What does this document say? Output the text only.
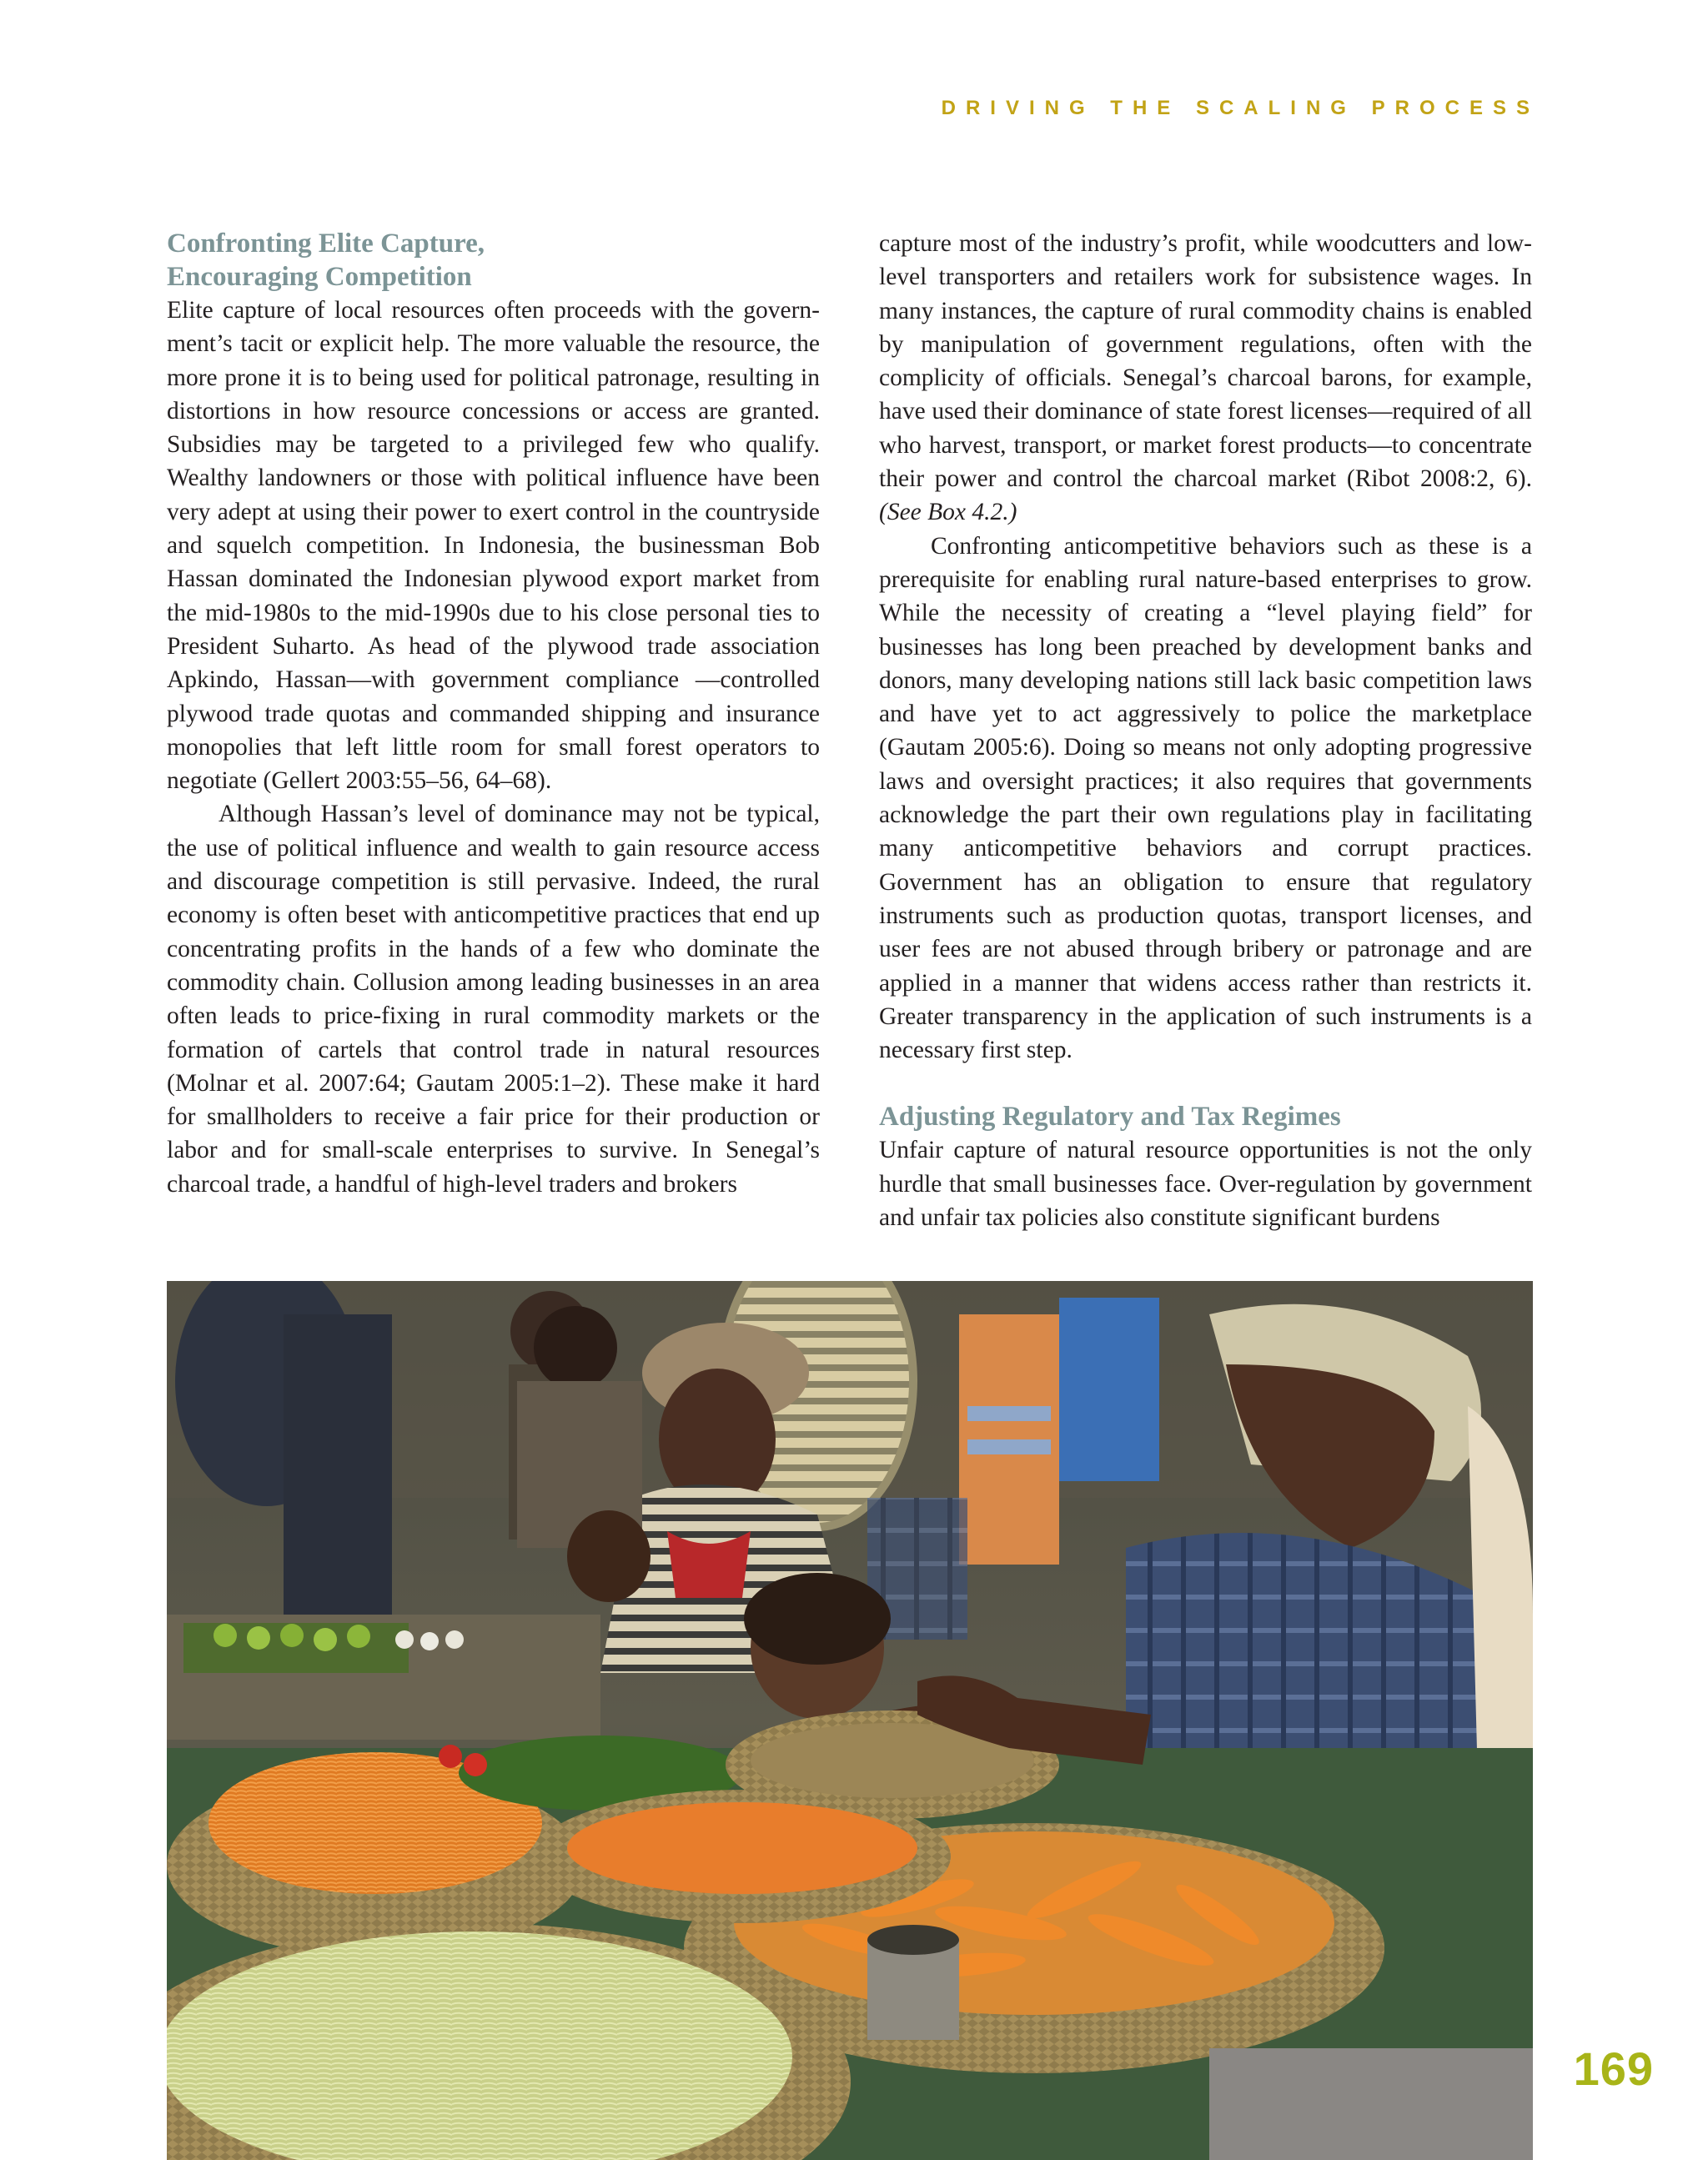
DRIVING THE SCALING PROCESS
Confronting Elite Capture,
Encouraging Competition

Elite capture of local resources often proceeds with the government’s tacit or explicit help. The more valuable the resource, the more prone it is to being used for political patronage, resulting in distortions in how resource concessions or access are granted. Subsidies may be targeted to a privileged few who qualify. Wealthy landowners or those with political influence have been very adept at using their power to exert control in the countryside and squelch competition. In Indonesia, the businessman Bob Hassan dominated the Indonesian plywood export market from the mid-1980s to the mid-1990s due to his close personal ties to President Suharto. As head of the plywood trade association Apkindo, Hassan—with government compliance —controlled plywood trade quotas and commanded shipping and insurance monopolies that left little room for small forest operators to negotiate (Gellert 2003:55–56, 64–68).

Although Hassan’s level of dominance may not be typical, the use of political influence and wealth to gain resource access and discourage competition is still pervasive. Indeed, the rural economy is often beset with anticompetitive practices that end up concentrating profits in the hands of a few who dominate the commodity chain. Collusion among leading businesses in an area often leads to price-fixing in rural commodity markets or the formation of cartels that control trade in natural resources (Molnar et al. 2007:64; Gautam 2005:1–2). These make it hard for smallholders to receive a fair price for their production or labor and for small-scale enterprises to survive. In Senegal’s charcoal trade, a handful of high-level traders and brokers

capture most of the industry’s profit, while woodcutters and low-level transporters and retailers work for subsistence wages. In many instances, the capture of rural commodity chains is enabled by manipulation of government regulations, often with the complicity of officials. Senegal’s charcoal barons, for example, have used their dominance of state forest licenses—required of all who harvest, transport, or market forest products—to concentrate their power and control the charcoal market (Ribot 2008:2, 6). (See Box 4.2.)

Confronting anticompetitive behaviors such as these is a prerequisite for enabling rural nature-based enterprises to grow. While the necessity of creating a “level playing field” for businesses has long been preached by development banks and donors, many developing nations still lack basic competition laws and have yet to act aggressively to police the marketplace (Gautam 2005:6). Doing so means not only adopting progressive laws and oversight practices; it also requires that governments acknowledge the part their own regulations play in facilitating many anticompetitive behaviors and corrupt practices. Government has an obligation to ensure that regulatory instruments such as production quotas, transport licenses, and user fees are not abused through bribery or patronage and are applied in a manner that widens access rather than restricts it. Greater transparency in the application of such instruments is a necessary first step.

Adjusting Regulatory and Tax Regimes

Unfair capture of natural resource opportunities is not the only hurdle that small businesses face. Over-regulation by government and unfair tax policies also constitute significant burdens

169
